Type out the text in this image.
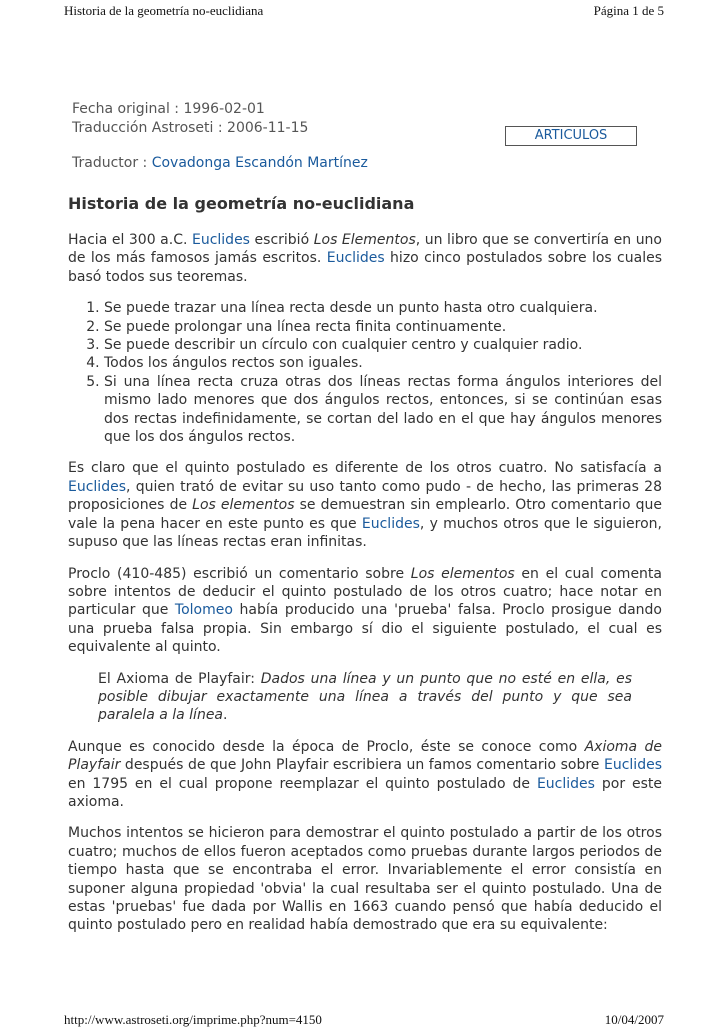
Historia de la geometría no-euclidiana	Página 1 de 5
Fecha original : 1996-02-01
Traducción Astroseti : 2006-11-15	ARTICULOS
Traductor : Covadonga Escandón Martínez
Historia de la geometría no-euclidiana

Hacia el 300 a.C. Euclides escribió Los Elementos, un libro que se convertiría en uno de los más famosos jamás escritos. Euclides hizo cinco postulados sobre los cuales basó todos sus teoremas.

1. Se puede trazar una línea recta desde un punto hasta otro cualquiera.
2. Se puede prolongar una línea recta finita continuamente.
3. Se puede describir un círculo con cualquier centro y cualquier radio.
4. Todos los ángulos rectos son iguales.
5. Si una línea recta cruza otras dos líneas rectas forma ángulos interiores del mismo lado menores que dos ángulos rectos, entonces, si se continúan esas dos rectas indefinidamente, se cortan del lado en el que hay ángulos menores que los dos ángulos rectos.

Es claro que el quinto postulado es diferente de los otros cuatro. No satisfacía a Euclides, quien trató de evitar su uso tanto como pudo - de hecho, las primeras 28 proposiciones de Los elementos se demuestran sin emplearlo. Otro comentario que vale la pena hacer en este punto es que Euclides, y muchos otros que le siguieron, supuso que las líneas rectas eran infinitas.

Proclo (410-485) escribió un comentario sobre Los elementos en el cual comenta sobre intentos de deducir el quinto postulado de los otros cuatro; hace notar en particular que Tolomeo había producido una 'prueba' falsa. Proclo prosigue dando una prueba falsa propia. Sin embargo sí dio el siguiente postulado, el cual es equivalente al quinto.

El Axioma de Playfair: Dados una línea y un punto que no esté en ella, es posible dibujar exactamente una línea a través del punto y que sea paralela a la línea.

Aunque es conocido desde la época de Proclo, éste se conoce como Axioma de Playfair después de que John Playfair escribiera un famos comentario sobre Euclides en 1795 en el cual propone reemplazar el quinto postulado de Euclides por este axioma.

Muchos intentos se hicieron para demostrar el quinto postulado a partir de los otros cuatro; muchos de ellos fueron aceptados como pruebas durante largos periodos de tiempo hasta que se encontraba el error. Invariablemente el error consistía en suponer alguna propiedad 'obvia' la cual resultaba ser el quinto postulado. Una de estas 'pruebas' fue dada por Wallis en 1663 cuando pensó que había deducido el quinto postulado pero en realidad había demostrado que era su equivalente:

http://www.astroseti.org/imprime.php?num=4150	10/04/2007
